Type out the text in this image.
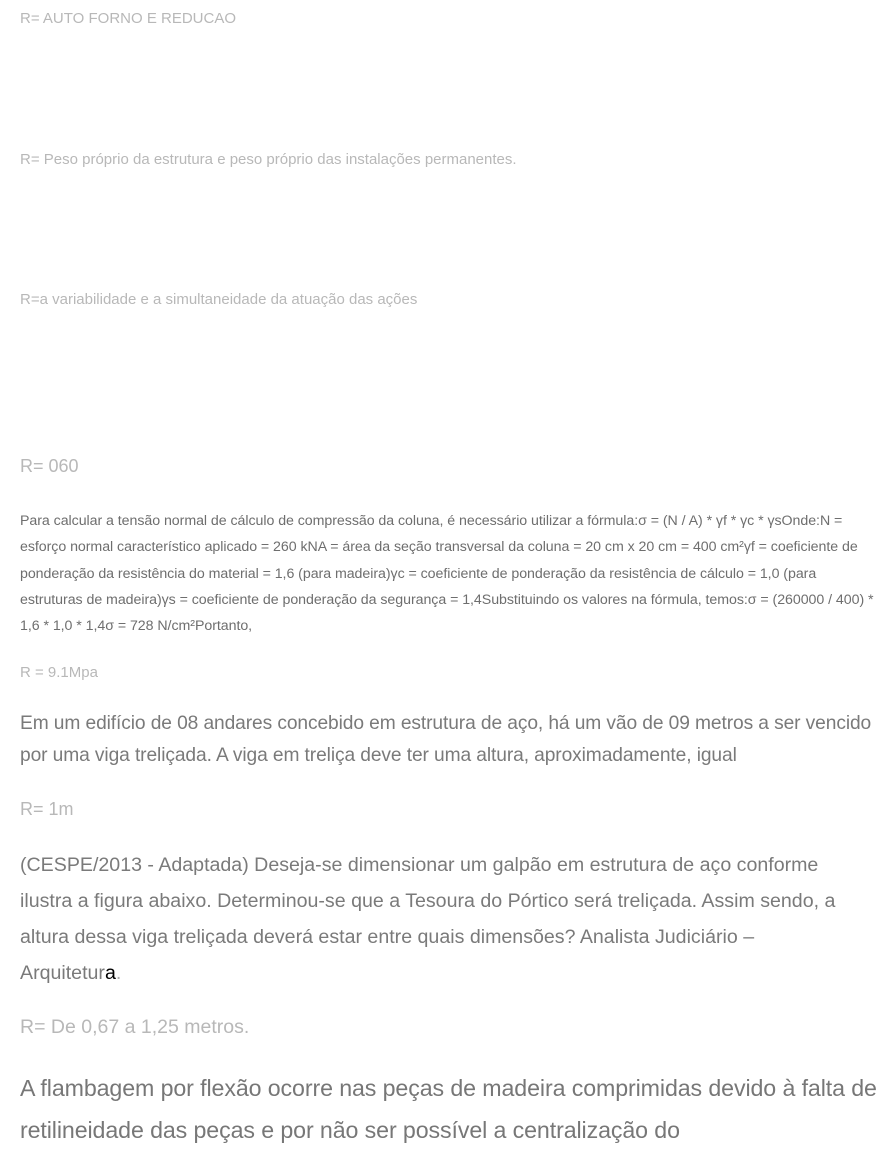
R= AUTO FORNO E REDUCAO

R= Peso próprio da estrutura e peso próprio das instalações permanentes.

R=a variabilidade e a simultaneidade da atuação das ações

R= 060

Para calcular a tensão normal de cálculo de compressão da coluna, é necessário utilizar a fórmula:σ = (N / A) * γf * γc * γsOnde:N = esforço normal característico aplicado = 260 kNA = área da seção transversal da coluna = 20 cm x 20 cm = 400 cm²γf = coeficiente de ponderação da resistência do material = 1,6 (para madeira)γc = coeficiente de ponderação da resistência de cálculo = 1,0 (para estruturas de madeira)γs = coeficiente de ponderação da segurança = 1,4Substituindo os valores na fórmula, temos:σ = (260000 / 400) * 1,6 * 1,0 * 1,4σ = 728 N/cm²Portanto,

R = 9.1Mpa

Em um edifício de 08 andares concebido em estrutura de aço, há um vão de 09 metros a ser vencido por uma viga treliçada. A viga em treliça deve ter uma altura, aproximadamente, igual

R= 1m

(CESPE/2013 - Adaptada) Deseja-se dimensionar um galpão em estrutura de aço conforme ilustra a figura abaixo. Determinou-se que a Tesoura do Pórtico será treliçada. Assim sendo, a altura dessa viga treliçada deverá estar entre quais dimensões? Analista Judiciário – Arquitetura.

R= De 0,67 a 1,25 metros.

A flambagem por flexão ocorre nas peças de madeira comprimidas devido à falta de retilineidade das peças e por não ser possível a centralização do
